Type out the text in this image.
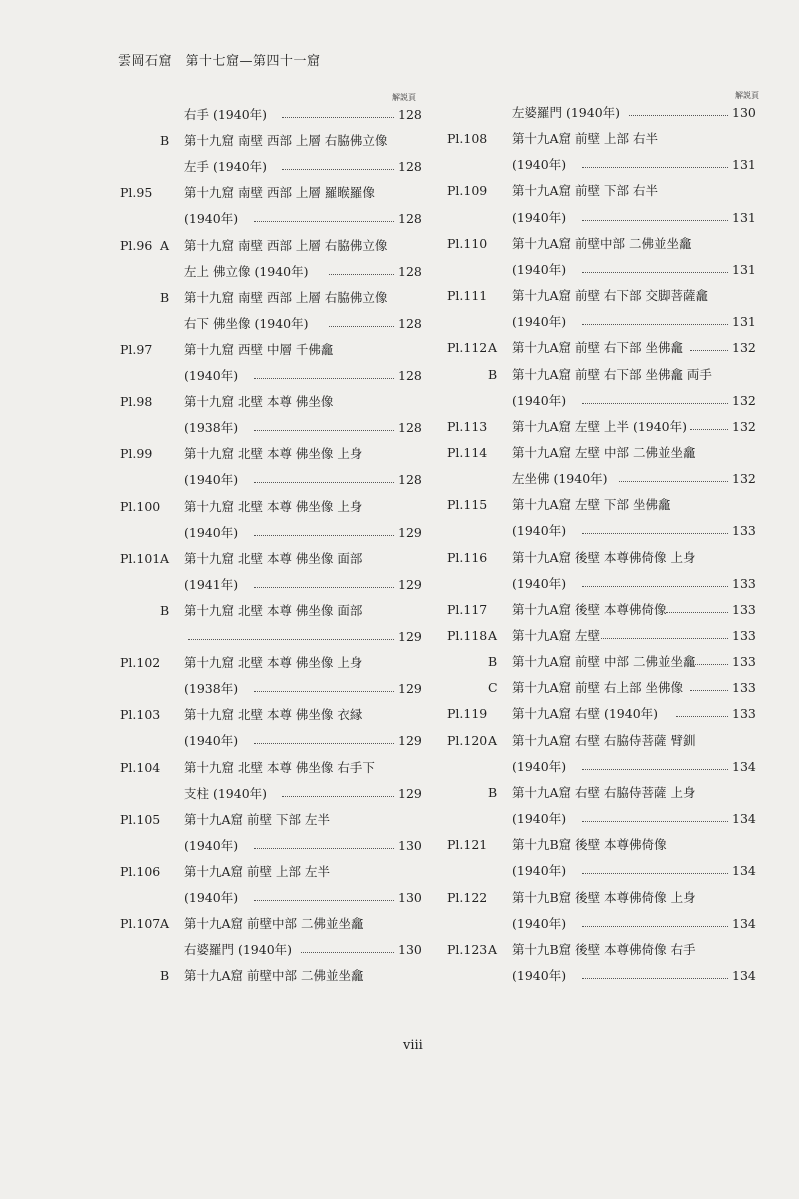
雲岡石窟　第十七窟—第四十一窟
解説頁	解説頁
右手 (1940年)	128
B 第十九窟 南壁 西部 上層 右脇佛立像
左手 (1940年)	128
Pl.95	第十九窟 南壁 西部 上層 羅睺羅像
(1940年)	128
Pl.96 A 第十九窟 南壁 西部 上層 右脇佛立像
左上 佛立像 (1940年)	128
B 第十九窟 南壁 西部 上層 右脇佛立像
右下 佛坐像 (1940年)	128
Pl.97	第十九窟 西壁 中層 千佛龕
(1940年)	128
Pl.98	第十九窟 北壁 本尊 佛坐像
(1938年)	128
Pl.99	第十九窟 北壁 本尊 佛坐像 上身
(1940年)	128
Pl.100 第十九窟 北壁 本尊 佛坐像 上身
(1940年)	129
Pl.101 A 第十九窟 北壁 本尊 佛坐像 面部
(1941年)	129
B 第十九窟 北壁 本尊 佛坐像 面部
129
Pl.102 第十九窟 北壁 本尊 佛坐像 上身
(1938年)	129
Pl.103 第十九窟 北壁 本尊 佛坐像 衣縁
(1940年)	129
Pl.104 第十九窟 北壁 本尊 佛坐像 右手下
支柱 (1940年)	129
Pl.105 第十九A窟 前壁 下部 左半
(1940年)	130
Pl.106 第十九A窟 前壁 上部 左半
(1940年)	130
Pl.107 A 第十九A窟 前壁中部 二佛並坐龕
右婆羅門 (1940年)	130
B 第十九A窟 前壁中部 二佛並坐龕
左婆羅門 (1940年)	130
Pl.108 第十九A窟 前壁 上部 右半
(1940年)	131
Pl.109 第十九A窟 前壁 下部 右半
(1940年)	131
Pl.110 第十九A窟 前壁中部 二佛並坐龕
(1940年)	131
Pl.111 第十九A窟 前壁 右下部 交脚菩薩龕
(1940年)	131
Pl.112 A 第十九A窟 前壁 右下部 坐佛龕	132
B 第十九A窟 前壁 右下部 坐佛龕 両手
(1940年)	132
Pl.113 第十九A窟 左壁 上半 (1940年)	132
Pl.114 第十九A窟 左壁 中部 二佛並坐龕
左坐佛 (1940年)	132
Pl.115 第十九A窟 左壁 下部 坐佛龕
(1940年)	133
Pl.116 第十九A窟 後壁 本尊佛倚像 上身
(1940年)	133
Pl.117 第十九A窟 後壁 本尊佛倚像	133
Pl.118 A 第十九A窟 左壁	133
B 第十九A窟 前壁 中部 二佛並坐龕	133
C 第十九A窟 前壁 右上部 坐佛像	133
Pl.119 第十九A窟 右壁 (1940年)	133
Pl.120 A 第十九A窟 右壁 右脇侍菩薩 臂釧
(1940年)	134
B 第十九A窟 右壁 右脇侍菩薩 上身
(1940年)	134
Pl.121 第十九B窟 後壁 本尊佛倚像
(1940年)	134
Pl.122 第十九B窟 後壁 本尊佛倚像 上身
(1940年)	134
Pl.123 A 第十九B窟 後壁 本尊佛倚像 右手
(1940年)	134
viii
